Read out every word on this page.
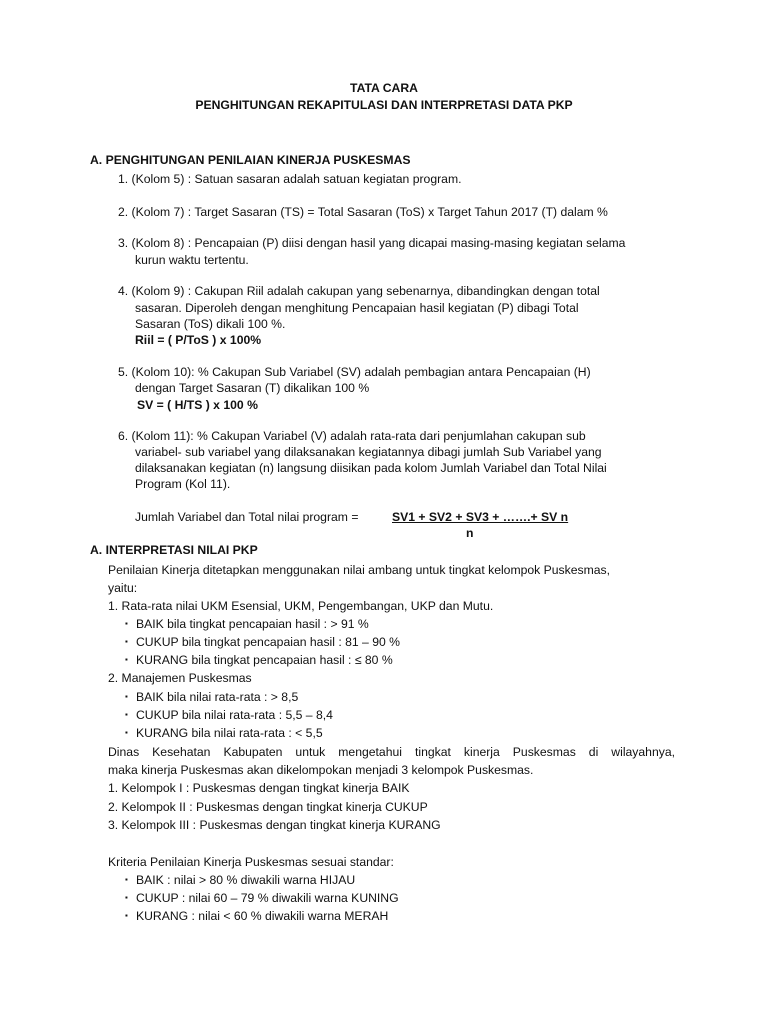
TATA CARA
PENGHITUNGAN REKAPITULASI DAN INTERPRETASI DATA PKP
A. PENGHITUNGAN PENILAIAN KINERJA PUSKESMAS
1. (Kolom 5) : Satuan sasaran adalah satuan kegiatan program.
2. (Kolom 7) : Target Sasaran (TS) = Total Sasaran (ToS) x Target Tahun 2017 (T) dalam %
3. (Kolom 8) : Pencapaian (P) diisi dengan hasil yang dicapai masing-masing kegiatan selama
kurun waktu tertentu.
4. (Kolom 9) : Cakupan Riil adalah cakupan yang sebenarnya, dibandingkan dengan total
sasaran. Diperoleh dengan menghitung Pencapaian hasil kegiatan (P) dibagi Total
Sasaran (ToS) dikali 100 %.
Riil = ( P/ToS ) x 100%
5. (Kolom 10): % Cakupan Sub Variabel (SV) adalah pembagian antara Pencapaian (H)
dengan Target Sasaran (T) dikalikan 100 %
SV = ( H/TS ) x 100 %
6. (Kolom 11): % Cakupan Variabel (V) adalah rata-rata dari penjumlahan cakupan sub
variabel- sub variabel yang dilaksanakan kegiatannya dibagi jumlah Sub Variabel yang
dilaksanakan kegiatan (n) langsung diisikan pada kolom Jumlah Variabel dan Total Nilai
Program (Kol 11).
Jumlah Variabel dan Total nilai program =	SV1 + SV2 + SV3 + …….+ SV n
n
A. INTERPRETASI NILAI PKP
Penilaian Kinerja ditetapkan menggunakan nilai ambang untuk tingkat kelompok Puskesmas,
yaitu:
1. Rata-rata nilai UKM Esensial, UKM, Pengembangan, UKP dan Mutu.
▪ BAIK bila tingkat pencapaian hasil : > 91 %
▪ CUKUP bila tingkat pencapaian hasil : 81 – 90 %
▪ KURANG bila tingkat pencapaian hasil : ≤ 80 %
2. Manajemen Puskesmas
▪ BAIK bila nilai rata-rata : > 8,5
▪ CUKUP bila nilai rata-rata : 5,5 – 8,4
▪ KURANG bila nilai rata-rata : < 5,5
Dinas Kesehatan Kabupaten untuk mengetahui tingkat kinerja Puskesmas di wilayahnya,
maka kinerja Puskesmas akan dikelompokan menjadi 3 kelompok Puskesmas.
1. Kelompok I : Puskesmas dengan tingkat kinerja BAIK
2. Kelompok II : Puskesmas dengan tingkat kinerja CUKUP
3. Kelompok III : Puskesmas dengan tingkat kinerja KURANG
Kriteria Penilaian Kinerja Puskesmas sesuai standar:
▪ BAIK : nilai > 80 % diwakili warna HIJAU
▪ CUKUP : nilai 60 – 79 % diwakili warna KUNING
▪ KURANG : nilai < 60 % diwakili warna MERAH
